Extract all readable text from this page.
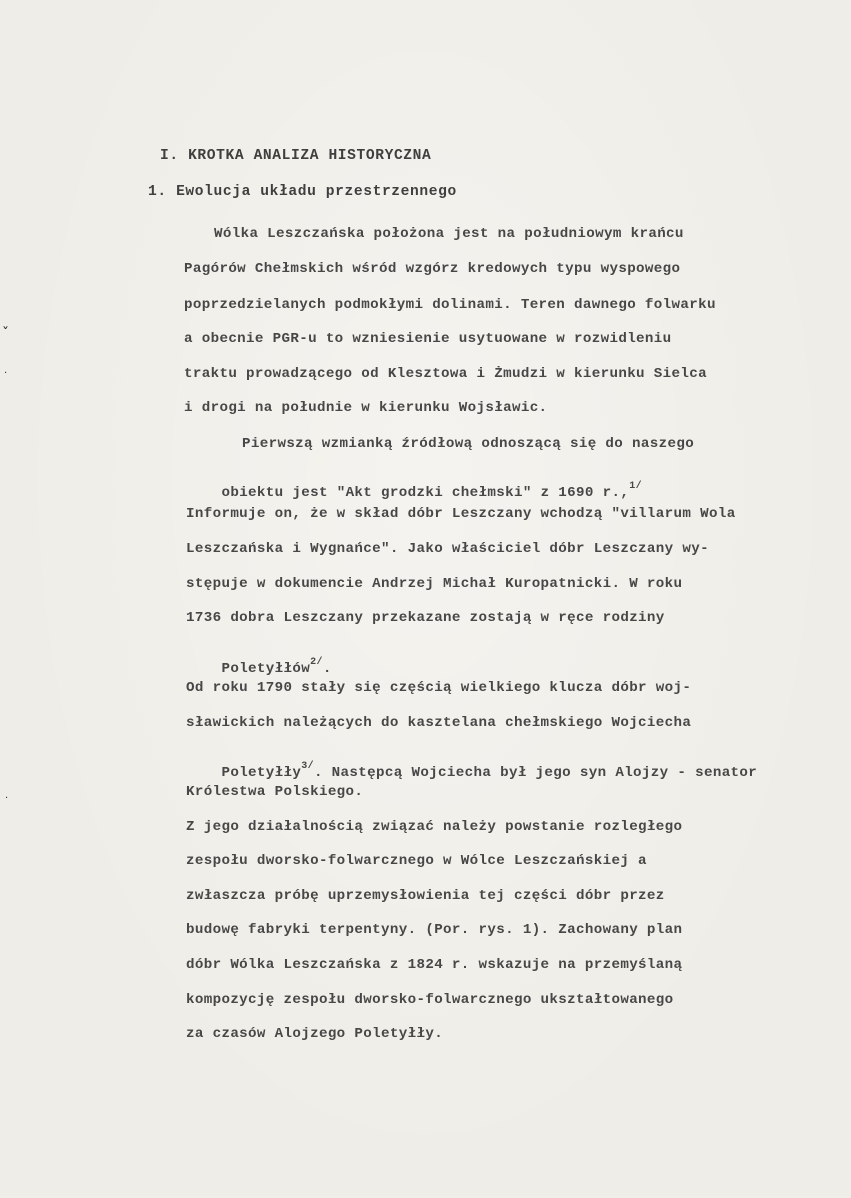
ˇ
·
·
I. KROTKA ANALIZA HISTORYCZNA
1. Ewolucja układu przestrzennego
Wólka Leszczańska położona jest na południowym krańcu
Pagórów Chełmskich wśród wzgórz kredowych typu wyspowego
poprzedzielanych podmokłymi dolinami. Teren dawnego folwarku
a obecnie PGR-u to wzniesienie usytuowane w rozwidleniu
traktu prowadzącego od Klesztowa i Żmudzi w kierunku Sielca
i drogi na południe w kierunku Wojsławic.
Pierwszą wzmianką źródłową odnoszącą się do naszego

obiektu jest "Akt grodzki chełmski" z 1690 r.,$^{1/}$

Informuje on, że w skład dóbr Leszczany wchodzą "villarum Wola
Leszczańska i Wygnańce". Jako właściciel dóbr Leszczany wy-
stępuje w dokumencie Andrzej Michał Kuropatnicki. W roku
1736 dobra Leszczany przekazane zostają w ręce rodziny

Poletyłłów$^{2/}$.

Od roku 1790 stały się częścią wielkiego klucza dóbr woj-
sławickich należących do kasztelana chełmskiego Wojciecha

Poletyłły$^{3/}$. Następcą Wojciecha był jego syn Alojzy - senator

Królestwa Polskiego.
Z jego działalnością związać należy powstanie rozległego
zespołu dworsko-folwarcznego w Wólce Leszczańskiej a
zwłaszcza próbę uprzemysłowienia tej części dóbr przez
budowę fabryki terpentyny. (Por. rys. 1). Zachowany plan
dóbr Wólka Leszczańska z 1824 r. wskazuje na przemyślaną
kompozycję zespołu dworsko-folwarcznego ukształtowanego
za czasów Alojzego Poletyłły.
